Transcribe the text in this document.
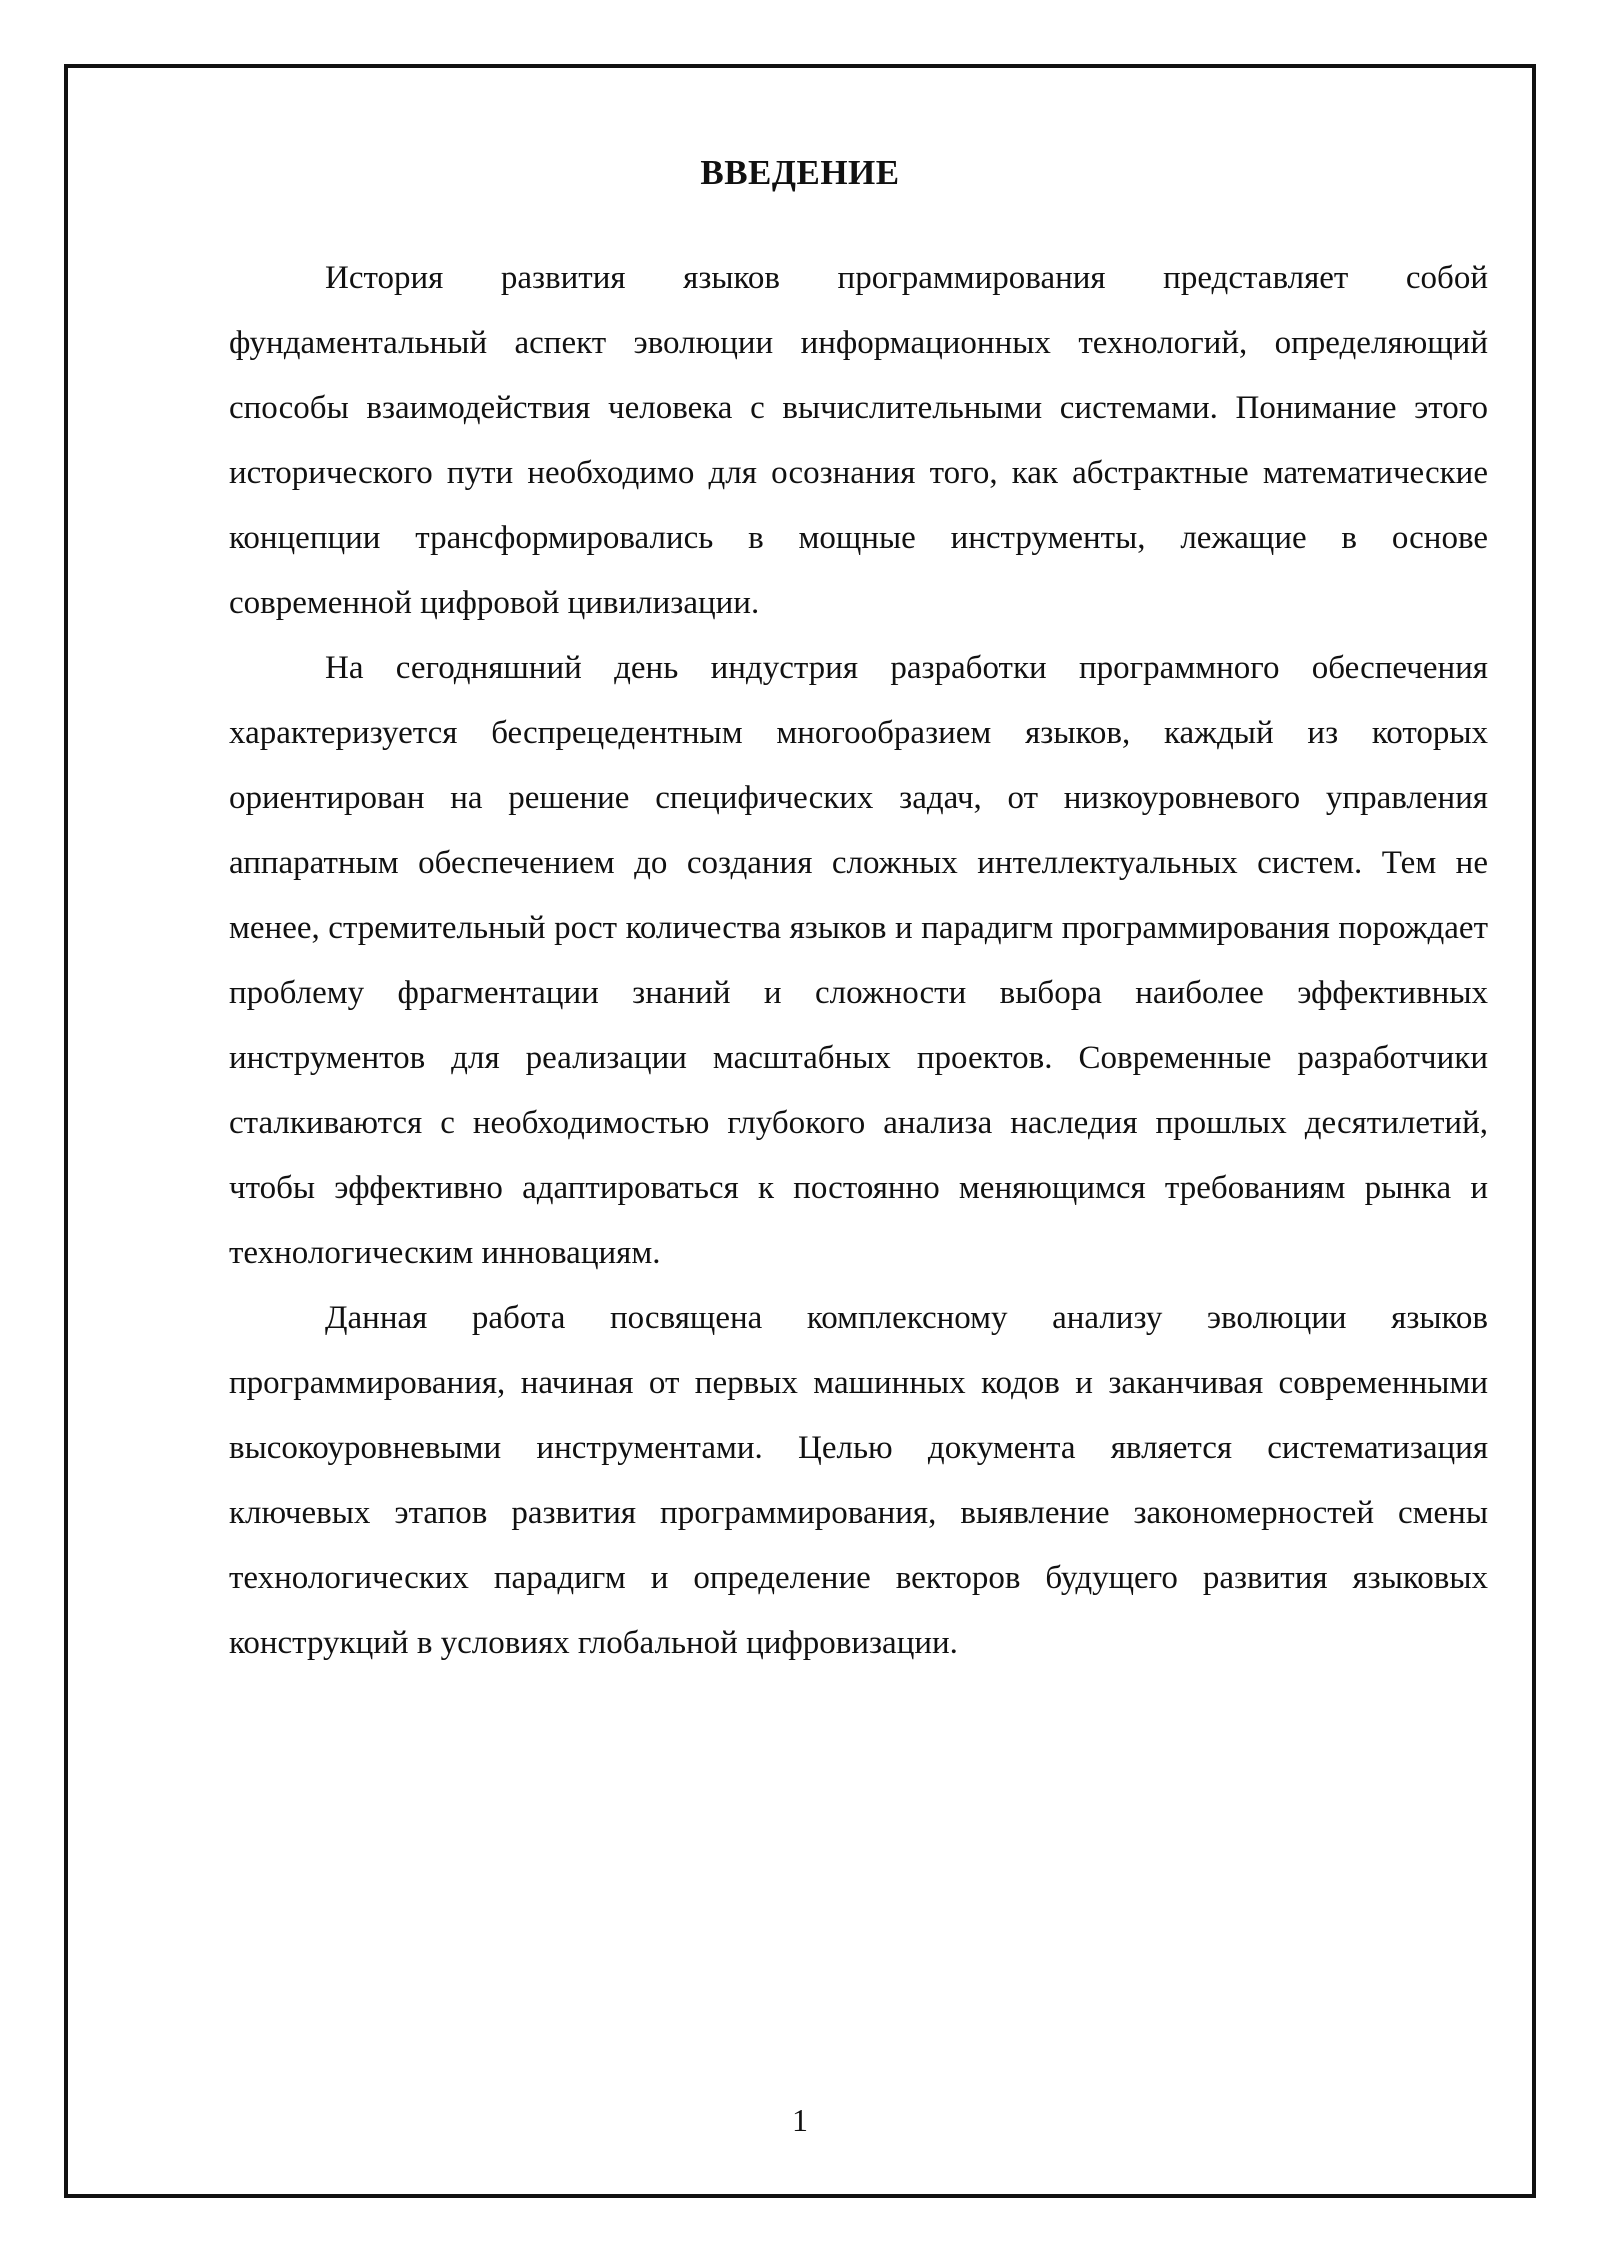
ВВЕДЕНИЕ

История развития языков программирования представляет собой фундаментальный аспект эволюции информационных технологий, определяющий способы взаимодействия человека с вычислительными системами. Понимание этого исторического пути необходимо для осознания того, как абстрактные математические концепции трансформировались в мощные инструменты, лежащие в основе современной цифровой цивилизации.

На сегодняшний день индустрия разработки программного обеспечения характеризуется беспрецедентным многообразием языков, каждый из которых ориентирован на решение специфических задач, от низкоуровневого управления аппаратным обеспечением до создания сложных интеллектуальных систем. Тем не менее, стремительный рост количества языков и парадигм программирования порождает проблему фрагментации знаний и сложности выбора наиболее эффективных инструментов для реализации масштабных проектов. Современные разработчики сталкиваются с необходимостью глубокого анализа наследия прошлых десятилетий, чтобы эффективно адаптироваться к постоянно меняющимся требованиям рынка и технологическим инновациям.

Данная работа посвящена комплексному анализу эволюции языков программирования, начиная от первых машинных кодов и заканчивая современными высокоуровневыми инструментами. Целью документа является систематизация ключевых этапов развития программирования, выявление закономерностей смены технологических парадигм и определение векторов будущего развития языковых конструкций в условиях глобальной цифровизации.

1
